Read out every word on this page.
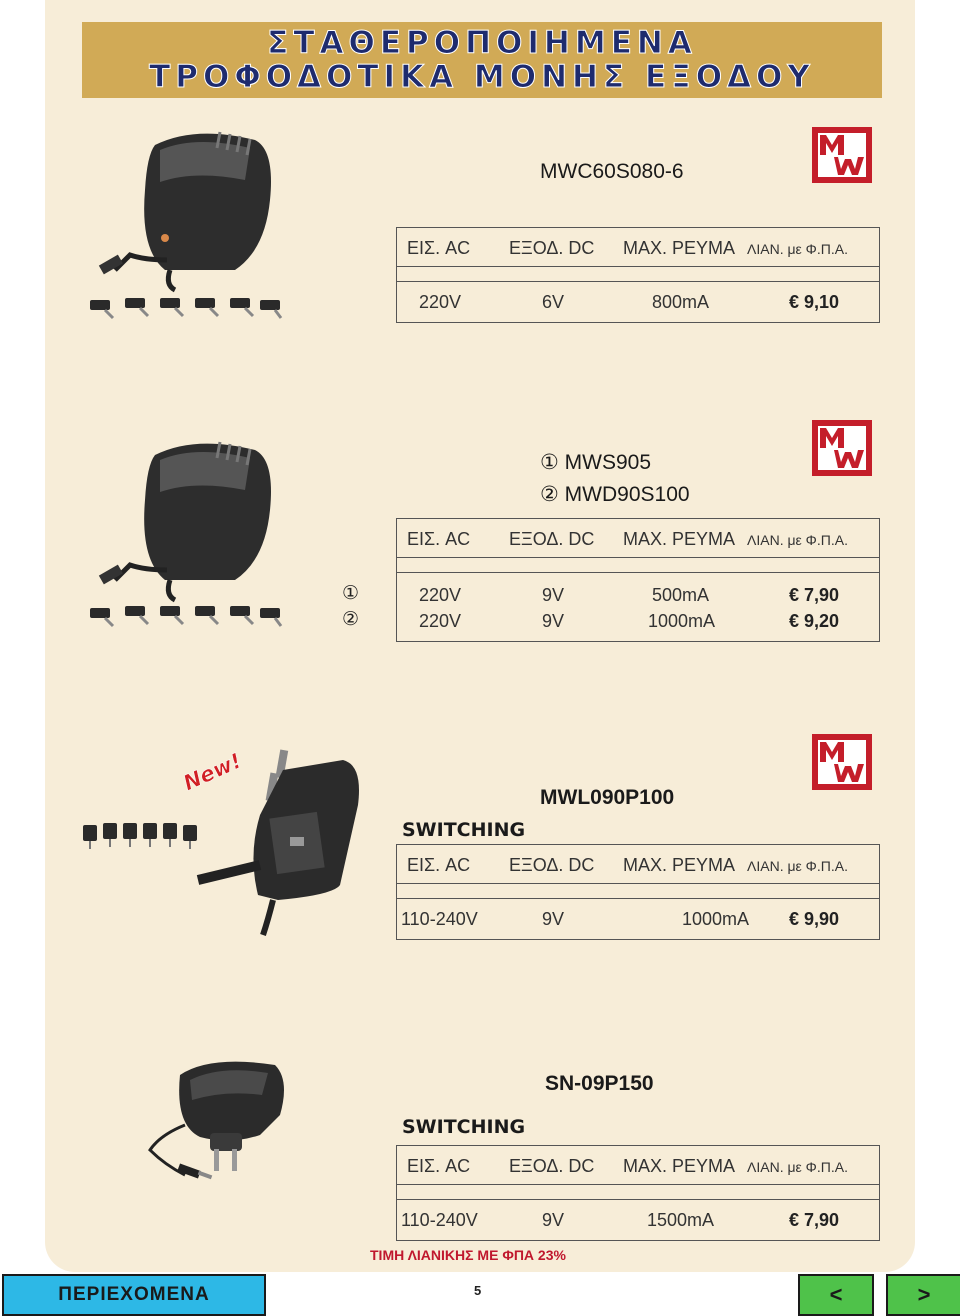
ΣΤΑΘΕΡΟΠΟΙΗΜΕΝΑ
ΤΡΟΦΟΔΟΤΙΚΑ ΜΟΝΗΣ ΕΞΟΔΟΥ
MWC60S080-6
ΕΙΣ. AC ΕΞΟΔ. DC ΜΑΧ. ΡΕΥΜΑ ΛΙΑΝ. με Φ.Π.Α.
220V	6V	800mA	€ 9,10
① MWS905
② MWD90S100
ΕΙΣ. AC ΕΞΟΔ. DC ΜΑΧ. ΡΕΥΜΑ ΛΙΑΝ. με Φ.Π.Α.
220V	9V	500mA	€ 7,90
220V	9V	1000mA	€ 9,20
①
②
New!
MWL090P100
SWITCHING
ΕΙΣ. AC ΕΞΟΔ. DC ΜΑΧ. ΡΕΥΜΑ ΛΙΑΝ. με Φ.Π.Α.
110-240V	9V	1000mA € 9,90
SN-09P150
SWITCHING
ΕΙΣ. AC ΕΞΟΔ. DC ΜΑΧ. ΡΕΥΜΑ ΛΙΑΝ. με Φ.Π.Α.
110-240V	9V	1500mA	€ 7,90
ΤΙΜΗ ΛΙΑΝΙΚΗΣ ΜΕ ΦΠΑ 23%
ΠΕΡΙΕΧΟΜΕΝΑ	5	<	>
